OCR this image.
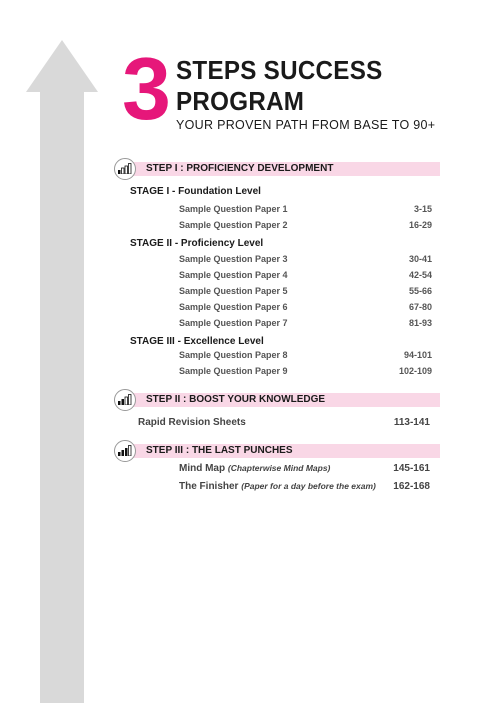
3 STEPS SUCCESS
PROGRAM
YOUR PROVEN PATH FROM BASE TO 90+
STEP I : PROFICIENCY DEVELOPMENT
STAGE I - Foundation Level
Sample Question Paper 1	3-15
Sample Question Paper 2	16-29
STAGE II - Proficiency Level
Sample Question Paper 3	30-41
Sample Question Paper 4	42-54
Sample Question Paper 5	55-66
Sample Question Paper 6	67-80
Sample Question Paper 7	81-93
STAGE III - Excellence Level
Sample Question Paper 8	94-101
Sample Question Paper 9	102-109
STEP II : BOOST YOUR KNOWLEDGE
Rapid Revision Sheets	113-141
STEP III : THE LAST PUNCHES
Mind Map (Chapterwise Mind Maps)	145-161
The Finisher (Paper for a day before the exam) 162-168
